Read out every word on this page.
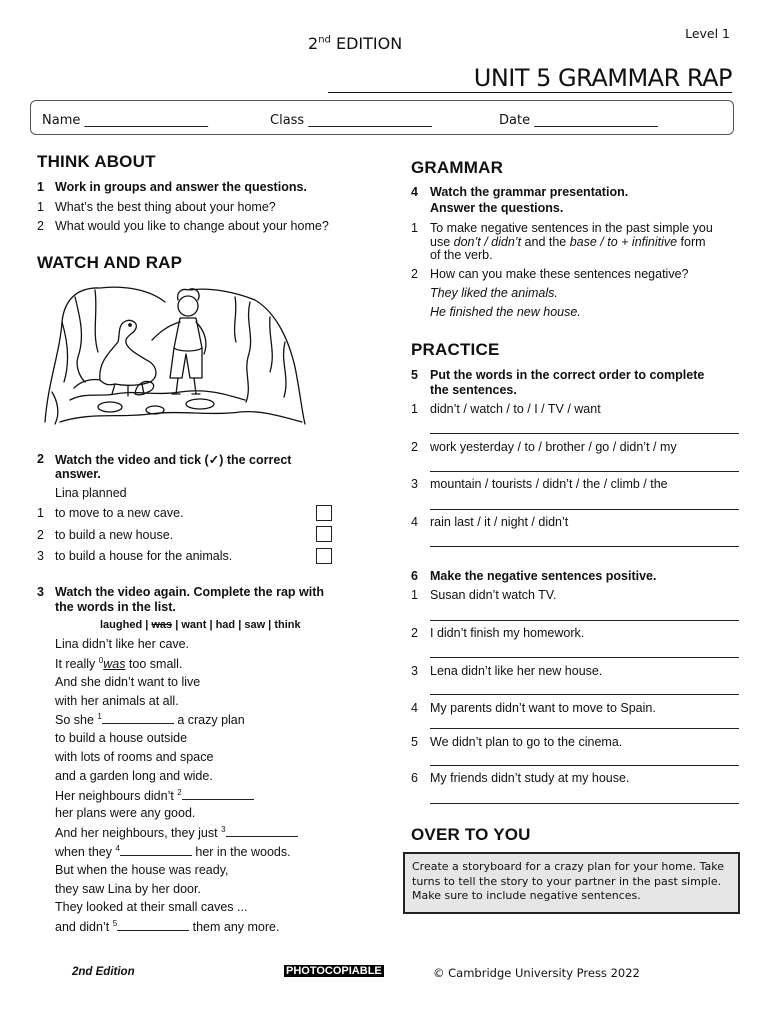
2nd EDITION
Level 1
UNIT 5 GRAMMAR RAP
Name ___________________	Class ___________________	Date ___________________
THINK ABOUT
1 Work in groups and answer the questions.
1 What’s the best thing about your home?
2 What would you like to change about your home?
WATCH AND RAP
2 Watch the video and tick (✓) the correct
answer.
Lina planned
1 to move to a new cave.
2 to build a new house.
3 to build a house for the animals.
3 Watch the video again. Complete the rap with
the words in the list.
laughed | was | want | had | saw | think
Lina didn’t like her cave.
It really $^0$was too small.
And she didn’t want to live
with her animals at all.
So she $^1$	a crazy plan
to build a house outside
with lots of rooms and space
and a garden long and wide.
Her neighbours didn’t $^2$
her plans were any good.
And her neighbours, they just $^3$
when they $^4$	her in the woods.
But when the house was ready,
they saw Lina by her door.
They looked at their small caves ...
and didn’t $^5$	them any more.
GRAMMAR
4 Watch the grammar presentation.
Answer the questions.
1 To make negative sentences in the past simple you
use don’t / didn’t and the base / to + infinitive form
of the verb.
2 How can you make these sentences negative?
They liked the animals.
He finished the new house.
PRACTICE
5 Put the words in the correct order to complete
the sentences.
1 didn’t / watch / to / I / TV / want
2 work yesterday / to / brother / go / didn’t / my
3 mountain / tourists / didn’t / the / climb / the
4 rain last / it / night / didn’t
6 Make the negative sentences positive.
1 Susan didn’t watch TV.
2 I didn’t finish my homework.
3 Lena didn’t like her new house.
4 My parents didn’t want to move to Spain.
5 We didn’t plan to go to the cinema.
6 My friends didn’t study at my house.
OVER TO YOU
Create a storyboard for a crazy plan for your home. Take
turns to tell the story to your partner in the past simple.
Make sure to include negative sentences.
2nd Edition	PHOTOCOPIABLE	© Cambridge University Press 2022
